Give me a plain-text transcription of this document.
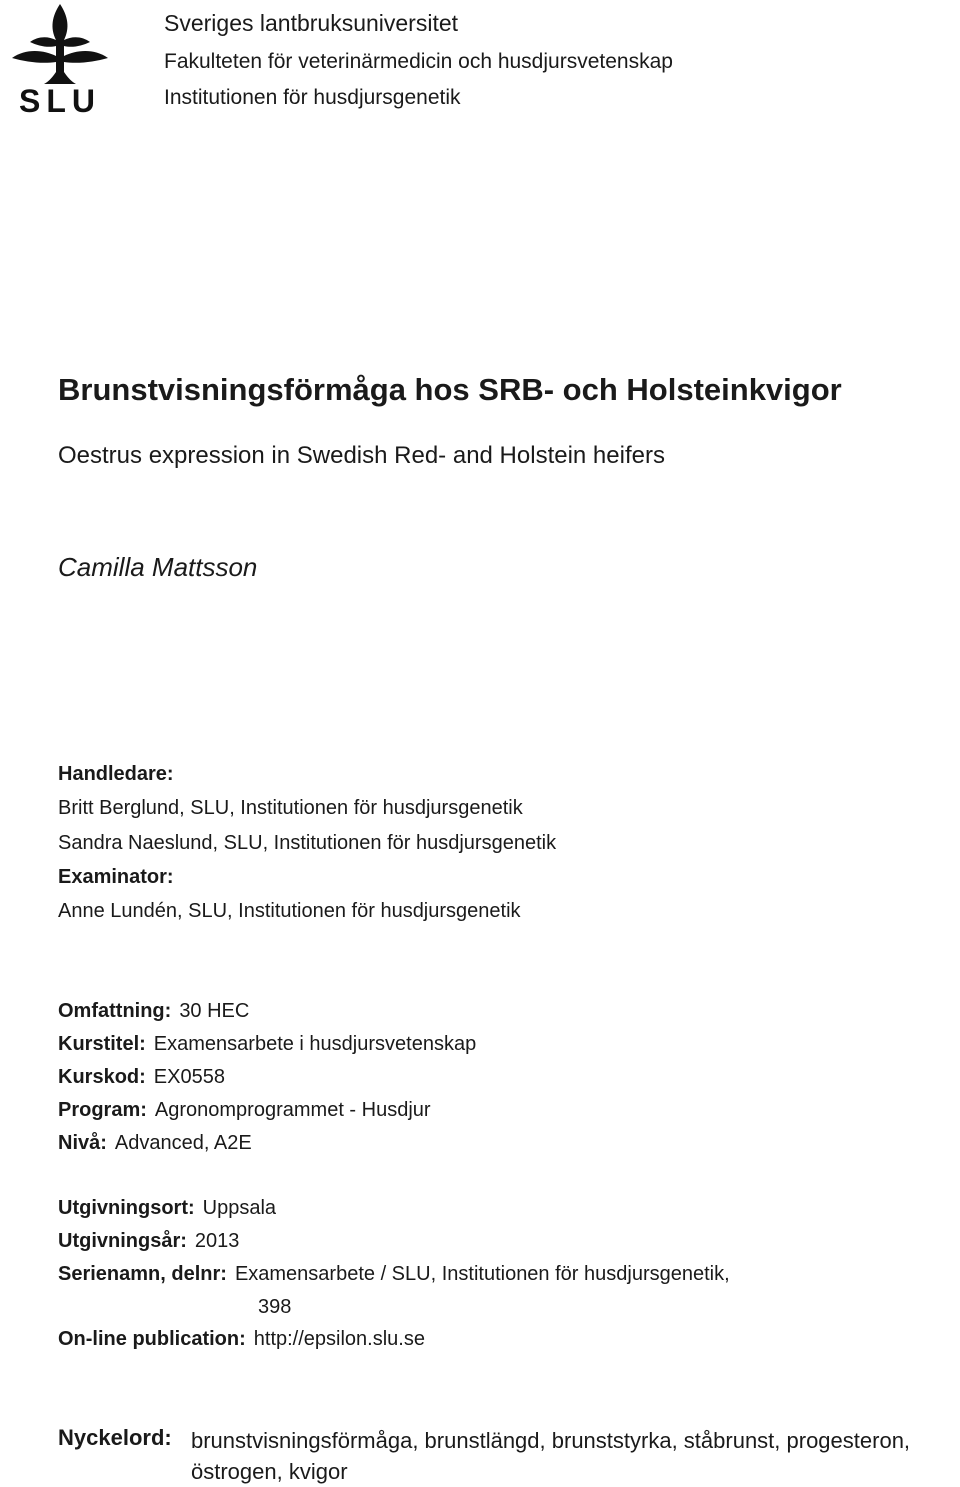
SLU
Sveriges lantbruksuniversitet
Fakulteten för veterinärmedicin och husdjursvetenskap
Institutionen för husdjursgenetik
Brunstvisningsförmåga hos SRB- och Holsteinkvigor
Oestrus expression in Swedish Red- and Holstein heifers
Camilla Mattsson
Handledare:
Britt Berglund, SLU, Institutionen för husdjursgenetik
Sandra Naeslund, SLU, Institutionen för husdjursgenetik
Examinator:
Anne Lundén, SLU, Institutionen för husdjursgenetik
Omfattning: 30 HEC
Kurstitel: Examensarbete i husdjursvetenskap
Kurskod: EX0558
Program: Agronomprogrammet - Husdjur
Nivå: Advanced, A2E
Utgivningsort: Uppsala
Utgivningsår: 2013
Serienamn, delnr: Examensarbete / SLU, Institutionen för husdjursgenetik,
398
On-line publication: http://epsilon.slu.se
Nyckelord: brunstvisningsförmåga, brunstlängd, brunststyrka, ståbrunst, progesteron, östrogen, kvigor
